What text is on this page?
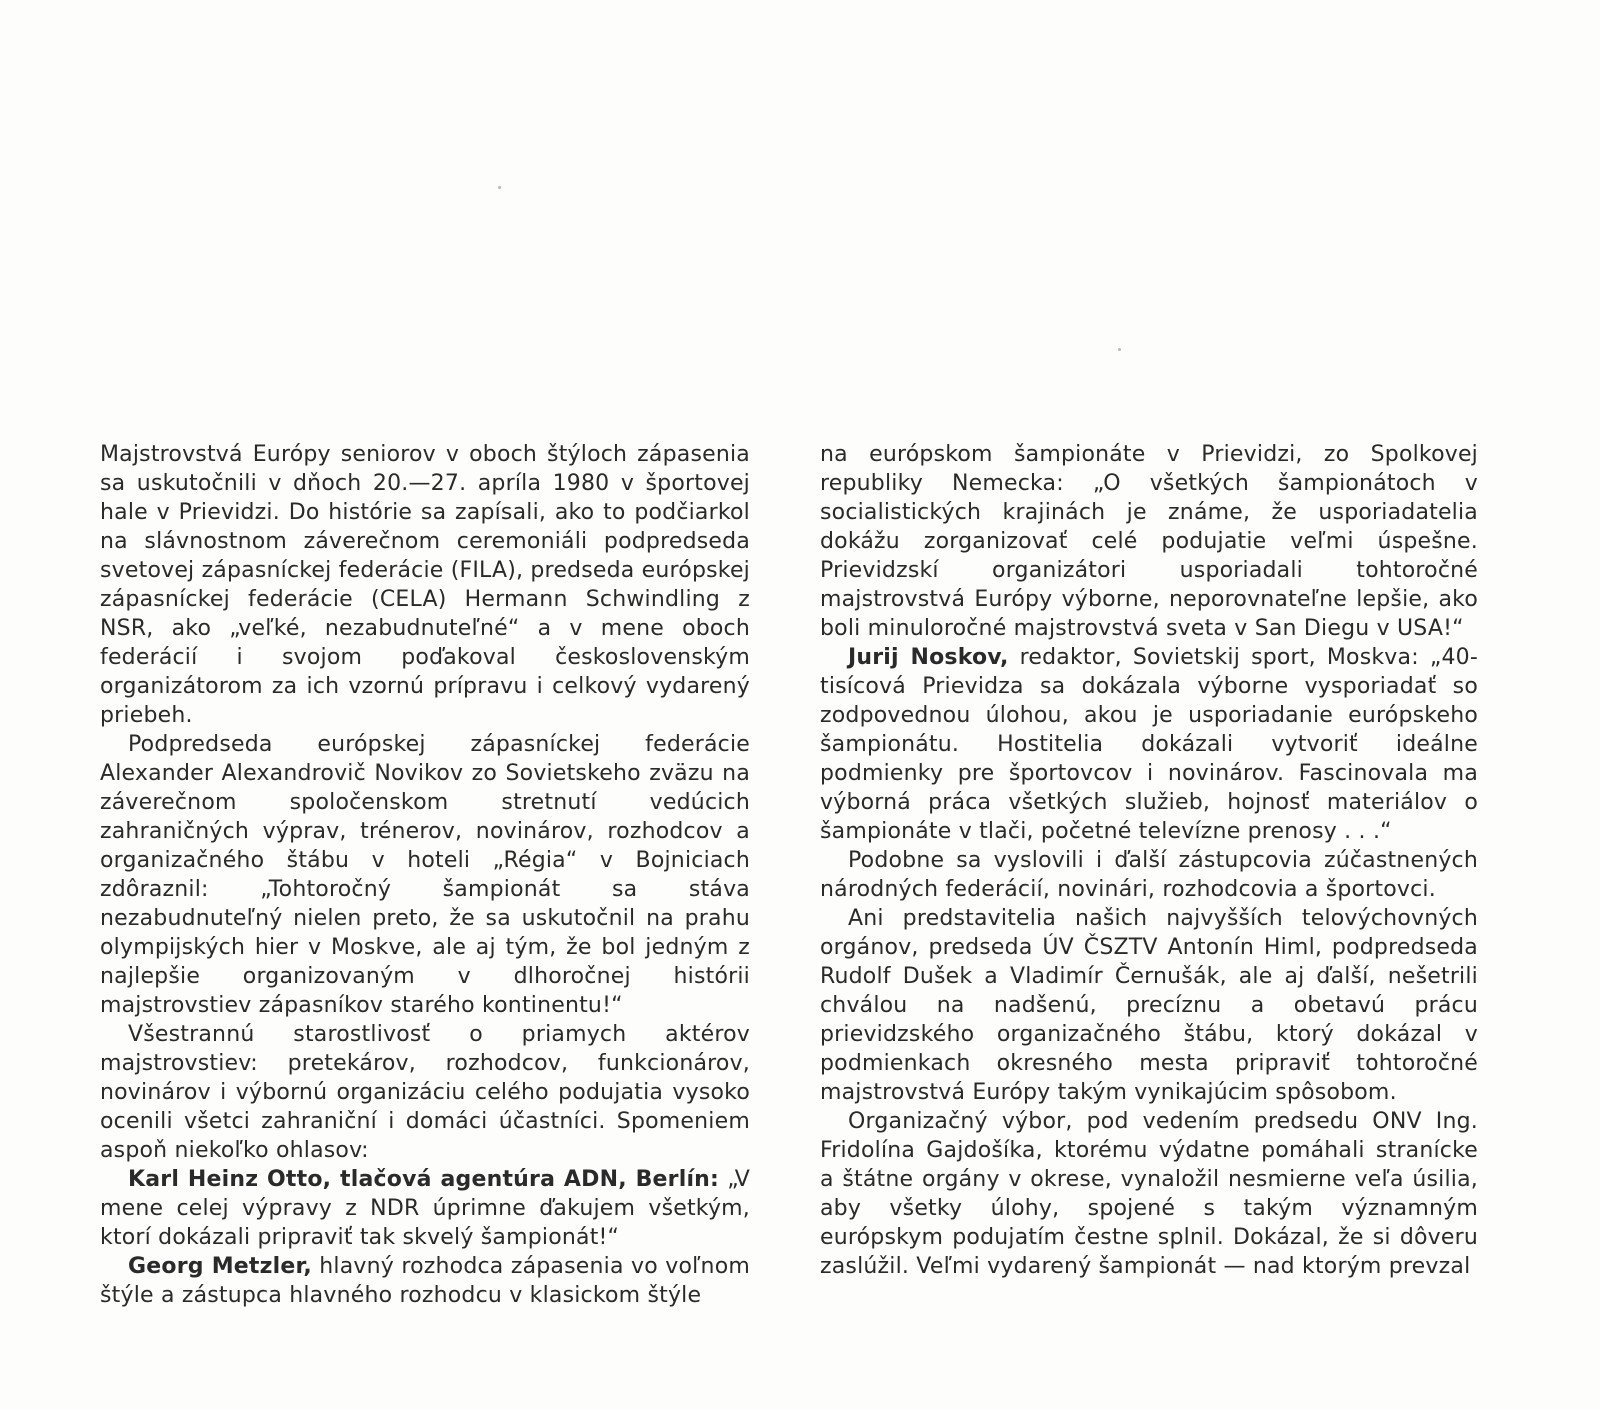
Majstrovstvá Európy seniorov v oboch štýloch zápasenia sa uskutočnili v dňoch 20.—27. apríla 1980 v športovej hale v Prievidzi. Do histórie sa zapísali, ako to podčiarkol na slávnostnom záverečnom ceremoniáli podpredseda svetovej zápasníckej federácie (FILA), predseda európskej zápasníckej federácie (CELA) Hermann Schwindling z NSR, ako „veľké, nezabudnuteľné“ a v mene oboch federácií i svojom poďakoval československým organizátorom za ich vzornú prípravu i celkový vydarený priebeh.

Podpredseda európskej zápasníckej federácie Alexander Alexandrovič Novikov zo Sovietskeho zväzu na záverečnom spoločenskom stretnutí vedúcich zahraničných výprav, trénerov, novinárov, rozhodcov a organizačného štábu v hoteli „Régia“ v Bojniciach zdôraznil: „Tohtoročný šampionát sa stáva nezabudnuteľný nielen preto, že sa uskutočnil na prahu olympijských hier v Moskve, ale aj tým, že bol jedným z najlepšie organizovaným v dlhoročnej histórii majstrovstiev zápasníkov starého kontinentu!“

Všestrannú starostlivosť o priamych aktérov majstrovstiev: pretekárov, rozhodcov, funkcionárov, novinárov i výbornú organizáciu celého podujatia vysoko ocenili všetci zahraniční i domáci účastníci. Spomeniem aspoň niekoľko ohlasov:

Karl Heinz Otto, tlačová agentúra ADN, Berlín: „V mene celej výpravy z NDR úprimne ďakujem všetkým, ktorí dokázali pripraviť tak skvelý šampionát!“

Georg Metzler, hlavný rozhodca zápasenia vo voľnom štýle a zástupca hlavného rozhodcu v klasickom štýle

na európskom šampionáte v Prievidzi, zo Spolkovej republiky Nemecka: „O všetkých šampionátoch v socialistických krajinách je známe, že usporiadatelia dokážu zorganizovať celé podujatie veľmi úspešne. Prievidzskí organizátori usporiadali tohtoročné majstrovstvá Európy výborne, neporovnateľne lepšie, ako boli minuloročné majstrovstvá sveta v San Diegu v USA!“

Jurij Noskov, redaktor, Sovietskij sport, Moskva: „40-tisícová Prievidza sa dokázala výborne vysporiadať so zodpovednou úlohou, akou je usporiadanie európskeho šampionátu. Hostitelia dokázali vytvoriť ideálne podmienky pre športovcov i novinárov. Fascinovala ma výborná práca všetkých služieb, hojnosť materiálov o šampionáte v tlači, početné televízne prenosy . . .“

Podobne sa vyslovili i ďalší zástupcovia zúčastnených národných federácií, novinári, rozhodcovia a športovci.

Ani predstavitelia našich najvyšších telovýchovných orgánov, predseda ÚV ČSZTV Antonín Himl, podpredseda Rudolf Dušek a Vladimír Černušák, ale aj ďalší, nešetrili chválou na nadšenú, precíznu a obetavú prácu prievidzského organizačného štábu, ktorý dokázal v podmienkach okresného mesta pripraviť tohtoročné majstrovstvá Európy takým vynikajúcim spôsobom.

Organizačný výbor, pod vedením predsedu ONV Ing. Fridolína Gajdošíka, ktorému výdatne pomáhali stranícke a štátne orgány v okrese, vynaložil nesmierne veľa úsilia, aby všetky úlohy, spojené s takým významným európskym podujatím čestne splnil. Dokázal, že si dôveru zaslúžil. Veľmi vydarený šampionát — nad ktorým prevzal
